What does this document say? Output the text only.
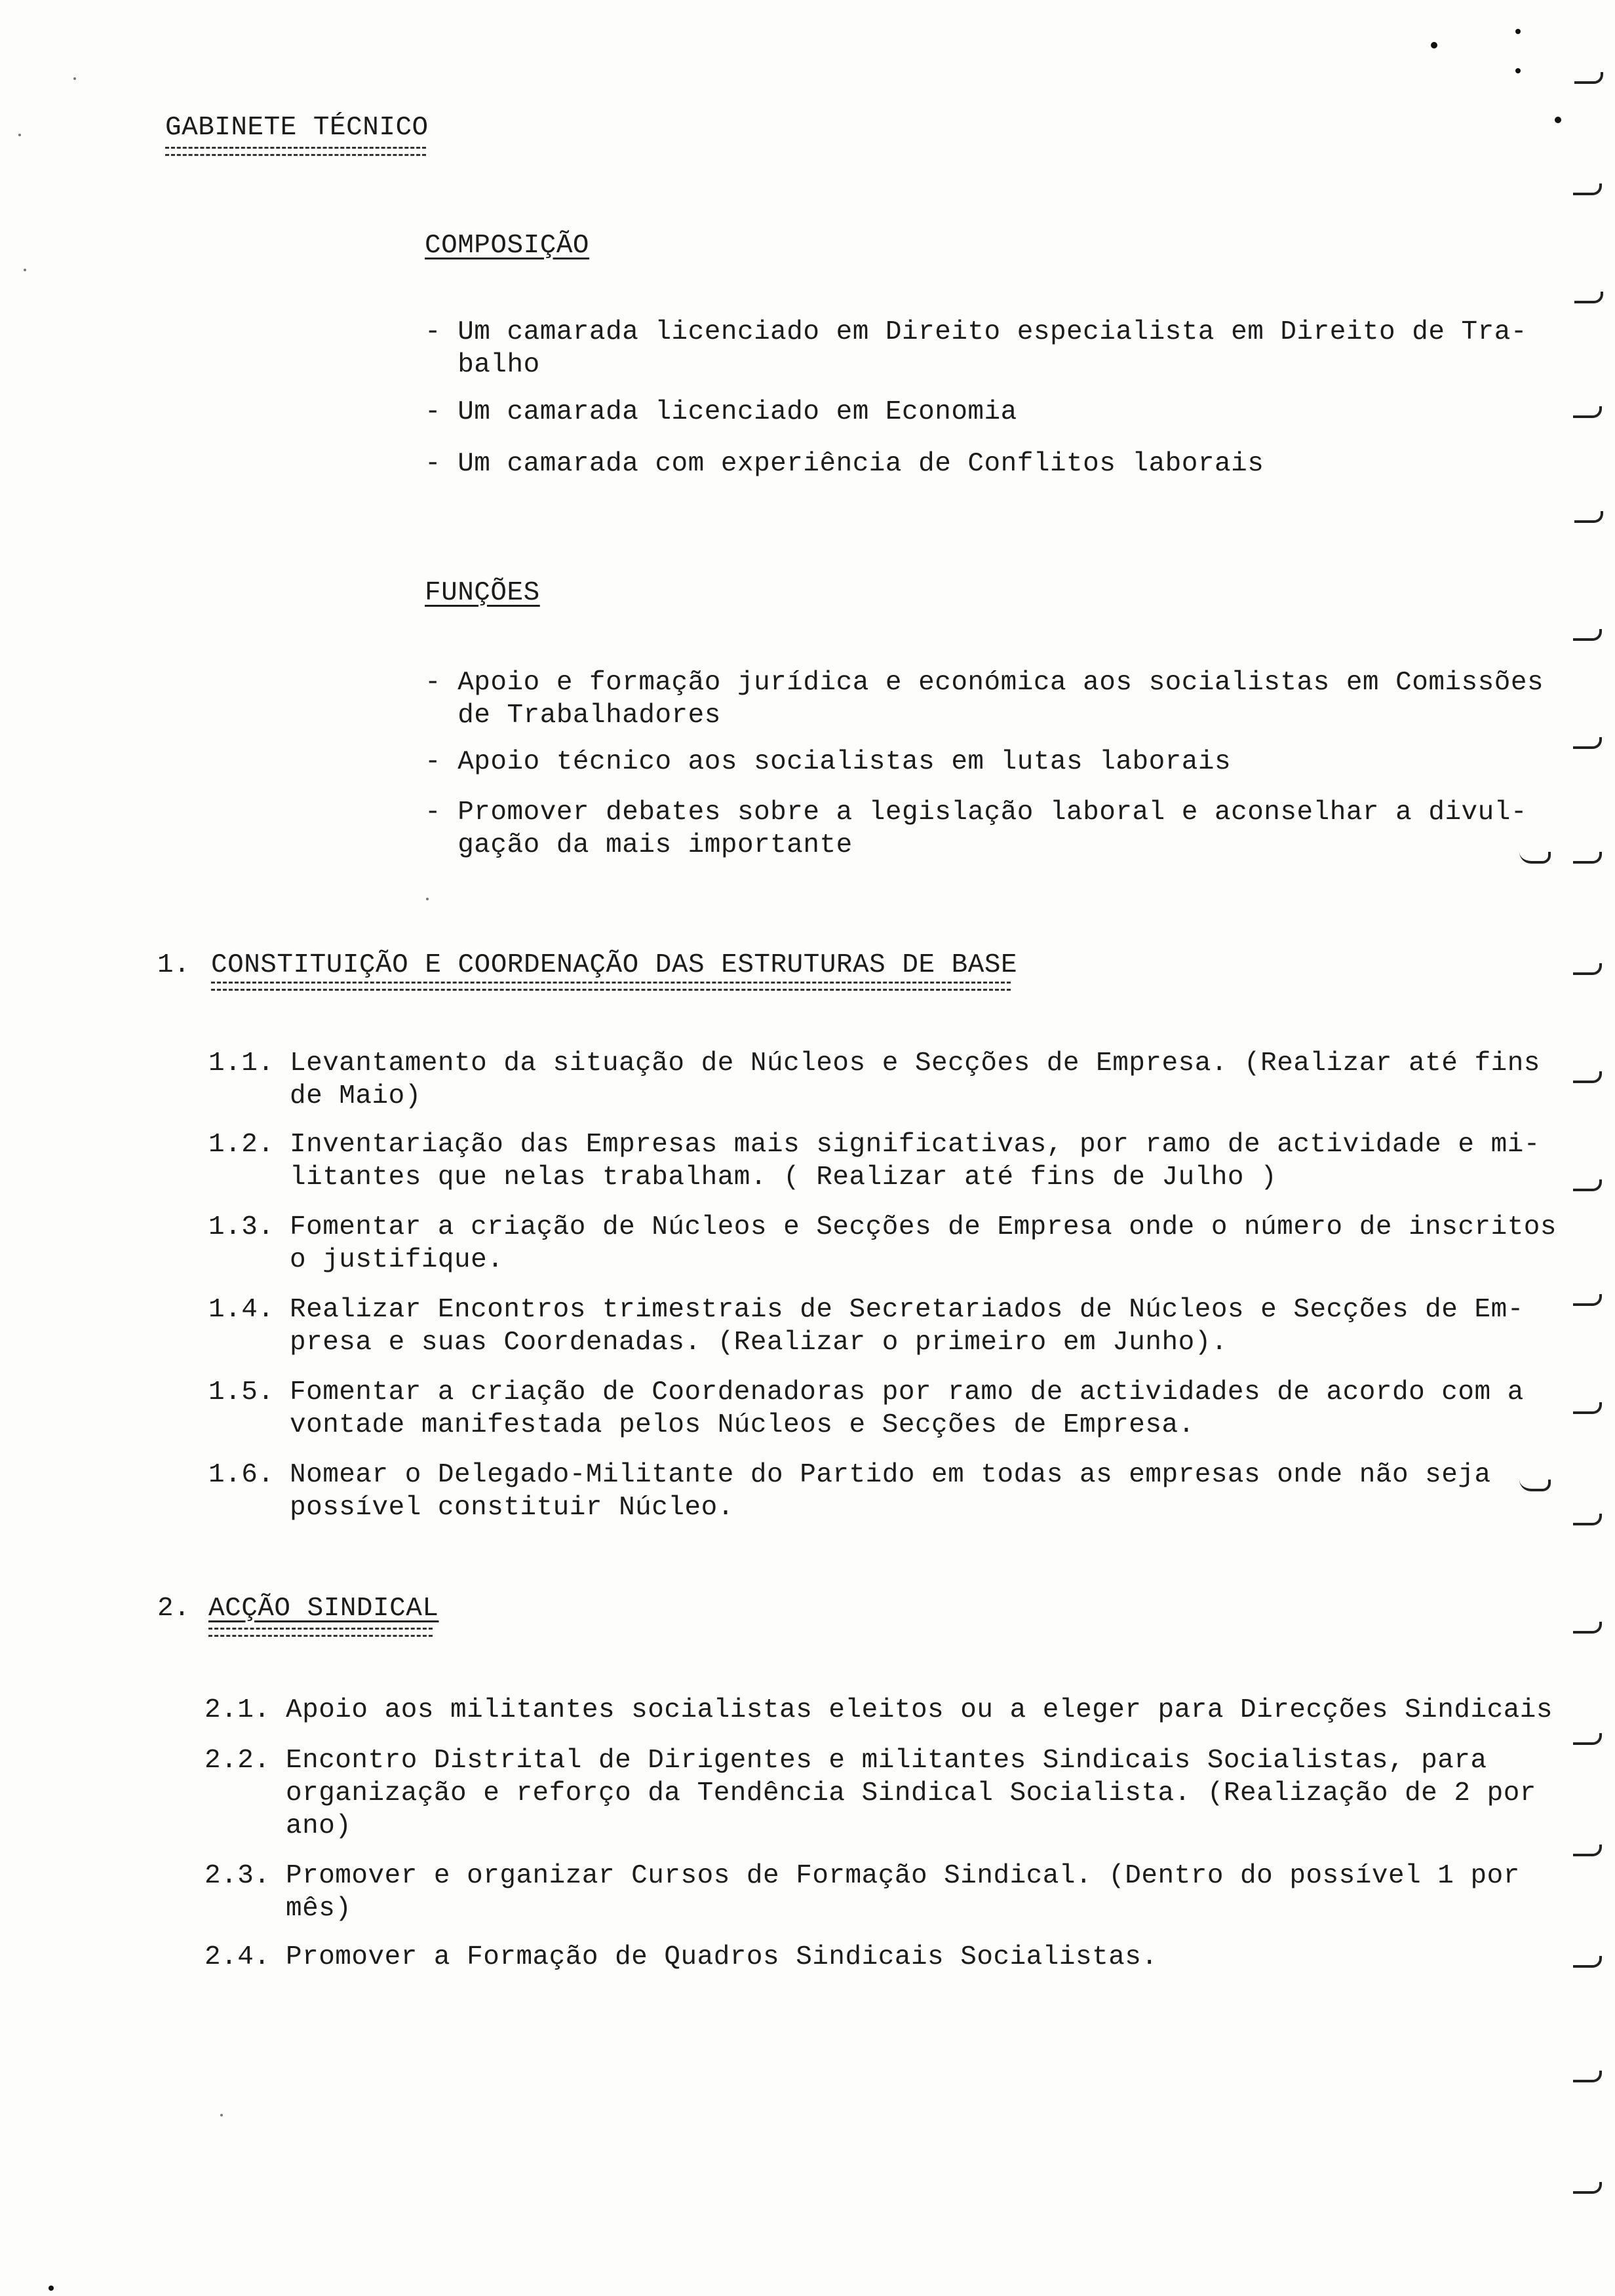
GABINETE TÉCNICO
COMPOSIÇÃO
- Um camarada licenciado em Direito especialista em Direito de Tra-
balho
- Um camarada licenciado em Economia
- Um camarada com experiência de Conflitos laborais
FUNÇÕES
- Apoio e formação jurídica e económica aos socialistas em Comissões
de Trabalhadores
- Apoio técnico aos socialistas em lutas laborais
- Promover debates sobre a legislação laboral e aconselhar a divul-
gação da mais importante
1. CONSTITUIÇÃO E COORDENAÇÃO DAS ESTRUTURAS DE BASE
1.1. Levantamento da situação de Núcleos e Secções de Empresa. (Realizar até fins
de Maio)
1.2. Inventariação das Empresas mais significativas, por ramo de actividade e mi-
litantes que nelas trabalham. ( Realizar até fins de Julho )
1.3. Fomentar a criação de Núcleos e Secções de Empresa onde o número de inscritos
o justifique.
1.4. Realizar Encontros trimestrais de Secretariados de Núcleos e Secções de Em-
presa e suas Coordenadas. (Realizar o primeiro em Junho).
1.5. Fomentar a criação de Coordenadoras por ramo de actividades de acordo com a
vontade manifestada pelos Núcleos e Secções de Empresa.
1.6. Nomear o Delegado-Militante do Partido em todas as empresas onde não seja
possível constituir Núcleo.
2. ACÇÃO SINDICAL
2.1. Apoio aos militantes socialistas eleitos ou a eleger para Direcções Sindicais
2.2. Encontro Distrital de Dirigentes e militantes Sindicais Socialistas, para
organização e reforço da Tendência Sindical Socialista. (Realização de 2 por
ano)
2.3. Promover e organizar Cursos de Formação Sindical. (Dentro do possível 1 por
mês)
2.4. Promover a Formação de Quadros Sindicais Socialistas.
